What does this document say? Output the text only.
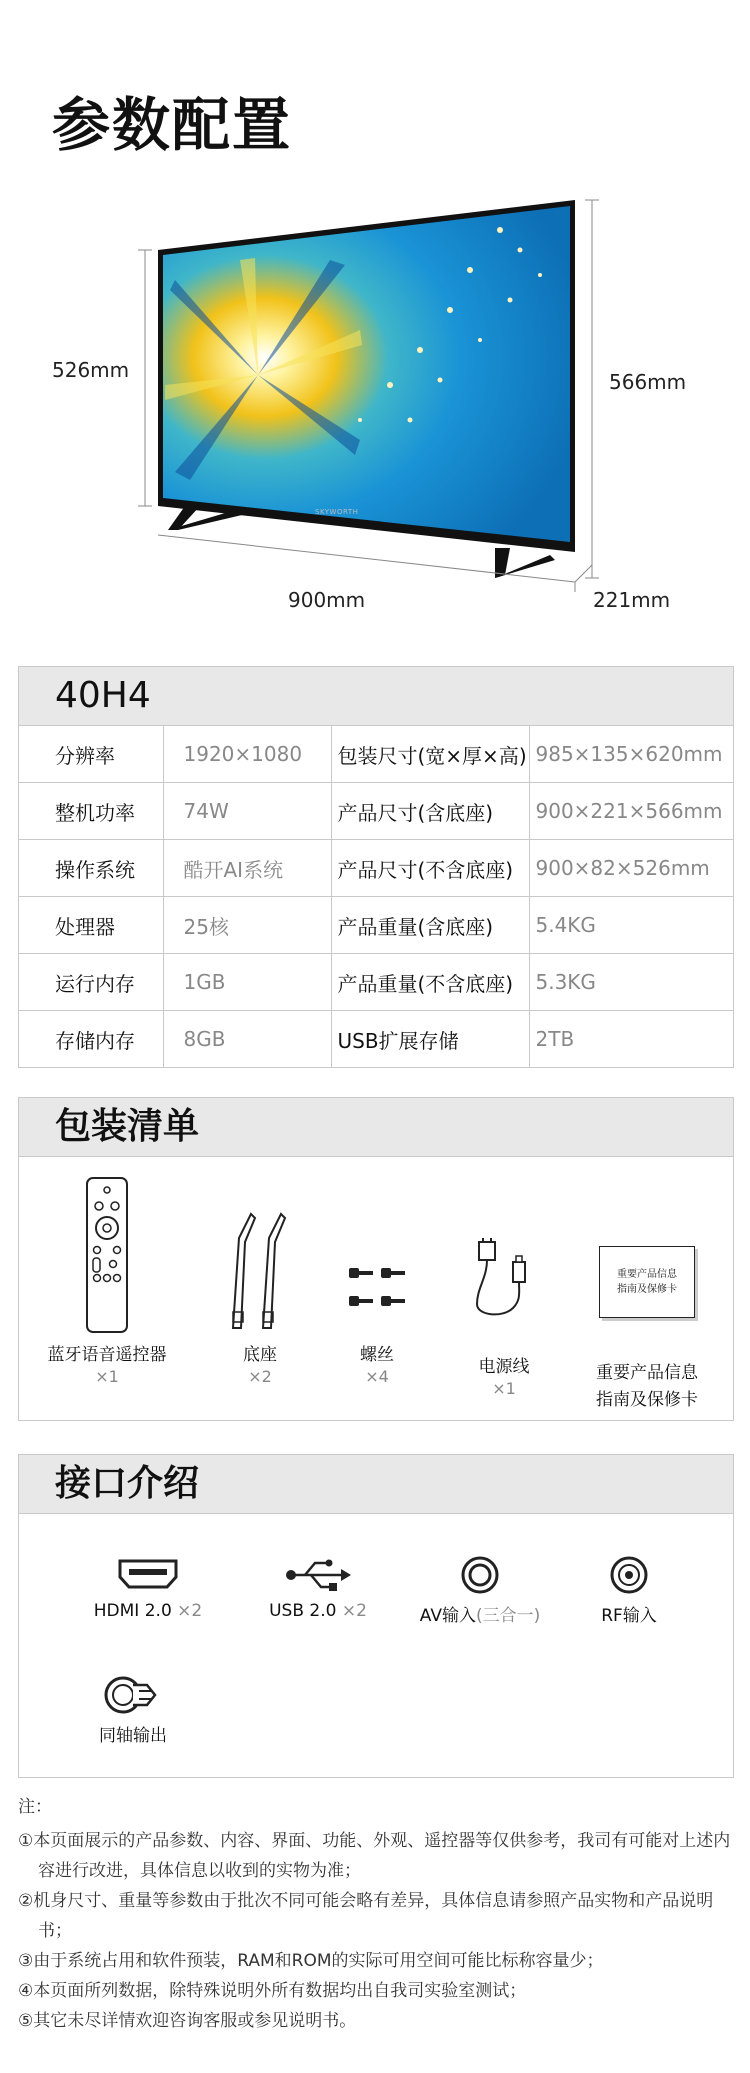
参数配置
526mm	566mm
900mm	221mm
40H4
分辨率	1920×1080	包装尺寸(宽×厚×高)	985×135×620mm
整机功率	74W	产品尺寸(含底座)	900×221×566mm
操作系统	酷开AI系统	产品尺寸(不含底座)	900×82×526mm
处理器	25核	产品重量(含底座)	5.4KG
运行内存	1GB	产品重量(不含底座)	5.3KG
存储内存	8GB	USB扩展存储	2TB
包装清单
蓝牙语音遥控器
×1
底座
×2
螺丝
×4	电源线
×1
重要产品信息
指南及保修卡
重要产品信息
指南及保修卡
接口介绍
HDMI 2.0 ×2	USB 2.0 ×2	AV输入(三合一)	RF输入
同轴输出
注：
①本页面展示的产品参数、内容、界面、功能、外观、遥控器等仅供参考，我司有可能对上述内容进行改进，具体信息以收到的实物为准；
②机身尺寸、重量等参数由于批次不同可能会略有差异，具体信息请参照产品实物和产品说明书；
③由于系统占用和软件预装，RAM和ROM的实际可用空间可能比标称容量少；
④本页面所列数据，除特殊说明外所有数据均出自我司实验室测试；
⑤其它未尽详情欢迎咨询客服或参见说明书。
SKYWORTH
